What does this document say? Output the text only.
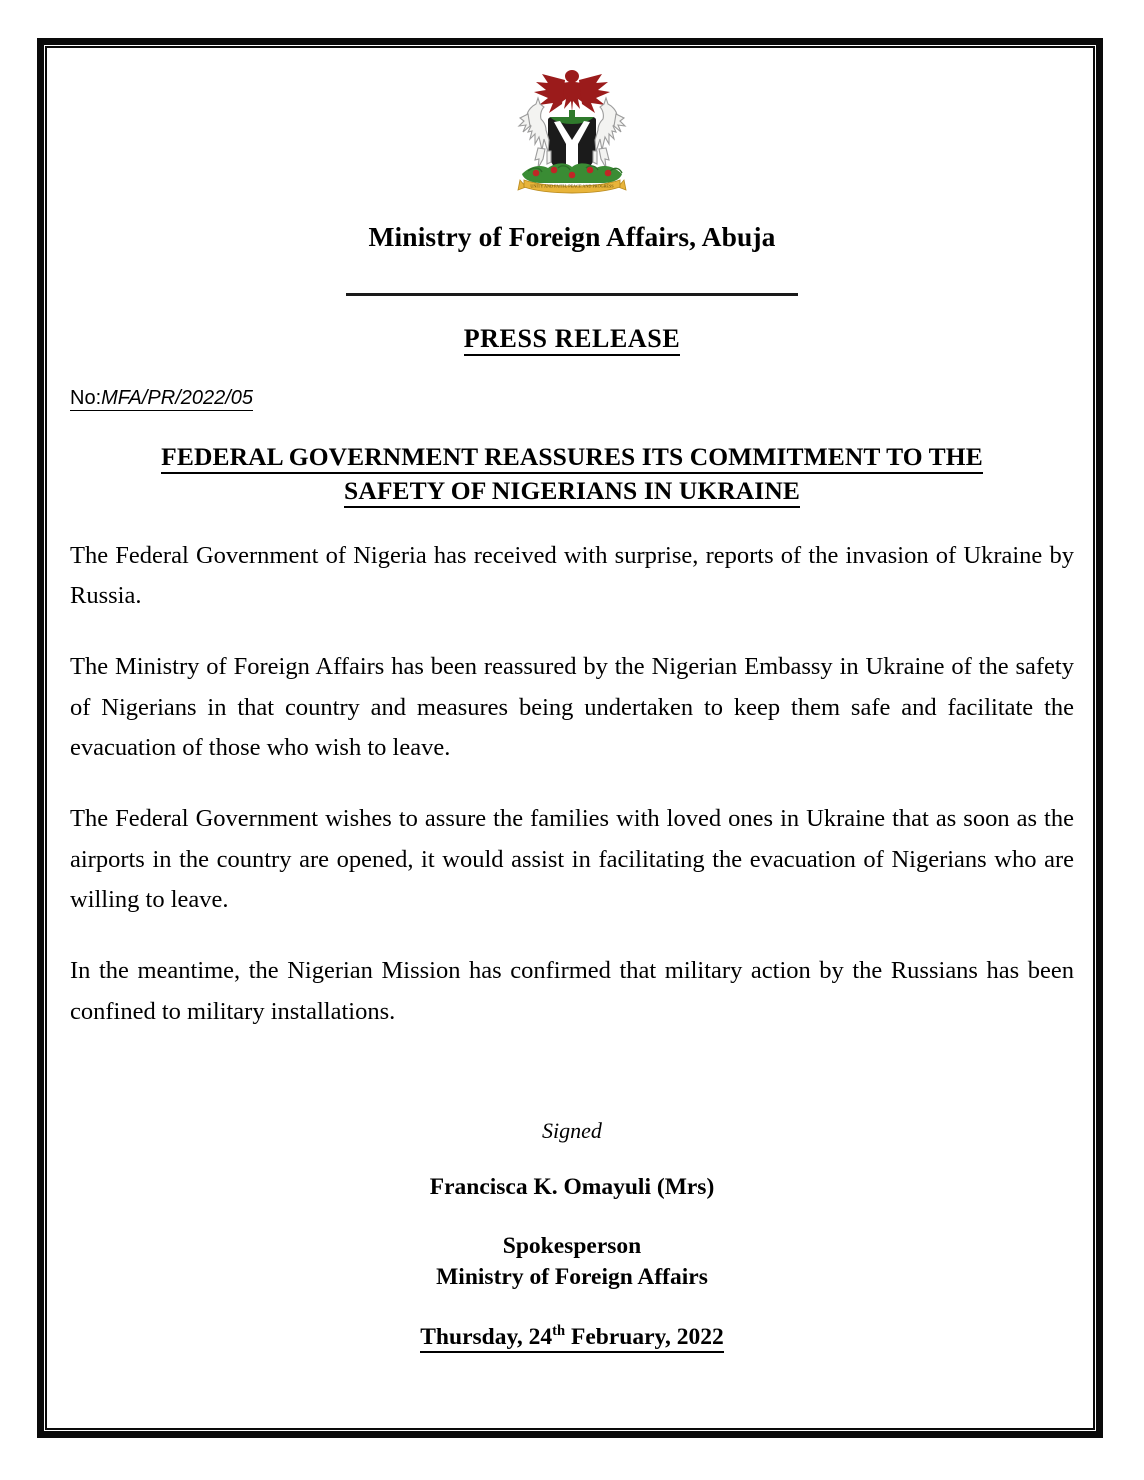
UNITY AND FAITH, PEACE AND PROGRESS
Ministry of Foreign Affairs, Abuja
PRESS RELEASE
No:MFA/PR/2022/05
FEDERAL GOVERNMENT REASSURES ITS COMMITMENT TO THE
SAFETY OF NIGERIANS IN UKRAINE

The Federal Government of Nigeria has received with surprise, reports of the invasion of Ukraine by Russia.

The Ministry of Foreign Affairs has been reassured by the Nigerian Embassy in Ukraine of the safety of Nigerians in that country and measures being undertaken to keep them safe and facilitate the evacuation of those who wish to leave.

The Federal Government wishes to assure the families with loved ones in Ukraine that as soon as the airports in the country are opened, it would assist in facilitating the evacuation of Nigerians who are willing to leave.

In the meantime, the Nigerian Mission has confirmed that military action by the Russians has been confined to military installations.

Signed
Francisca K. Omayuli (Mrs)
Spokesperson
Ministry of Foreign Affairs
Thursday, 24th February, 2022
